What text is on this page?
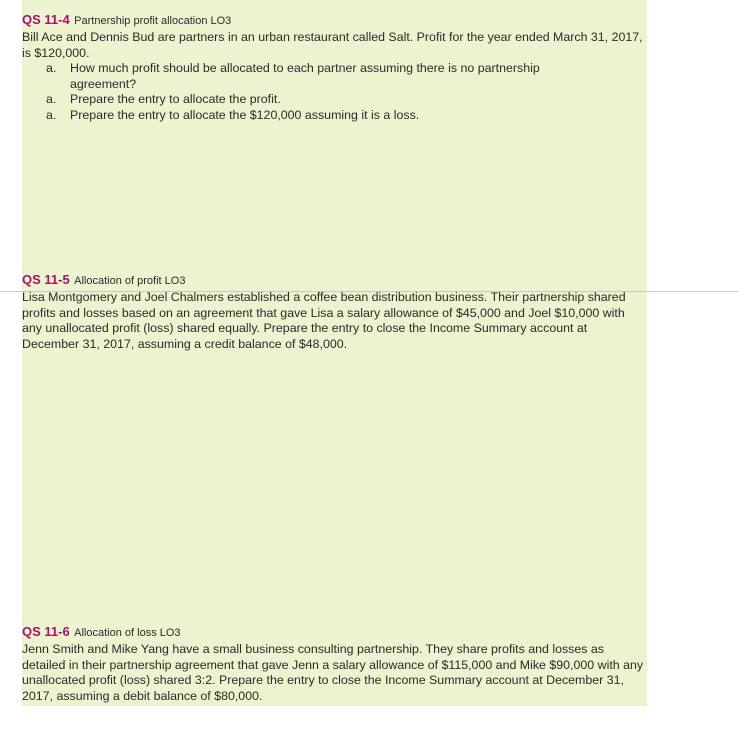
QS 11-4 Partnership profit allocation LO3
Bill Ace and Dennis Bud are partners in an urban restaurant called Salt. Profit for the year ended March 31, 2017, is $120,000.
a. How much profit should be allocated to each partner assuming there is no partnership agreement?
a. Prepare the entry to allocate the profit.
a. Prepare the entry to allocate the $120,000 assuming it is a loss.
QS 11-5 Allocation of profit LO3
Lisa Montgomery and Joel Chalmers established a coffee bean distribution business. Their partnership shared profits and losses based on an agreement that gave Lisa a salary allowance of $45,000 and Joel $10,000 with any unallocated profit (loss) shared equally. Prepare the entry to close the Income Summary account at December 31, 2017, assuming a credit balance of $48,000.
QS 11-6 Allocation of loss LO3
Jenn Smith and Mike Yang have a small business consulting partnership. They share profits and losses as detailed in their partnership agreement that gave Jenn a salary allowance of $115,000 and Mike $90,000 with any unallocated profit (loss) shared 3:2. Prepare the entry to close the Income Summary account at December 31, 2017, assuming a debit balance of $80,000.
